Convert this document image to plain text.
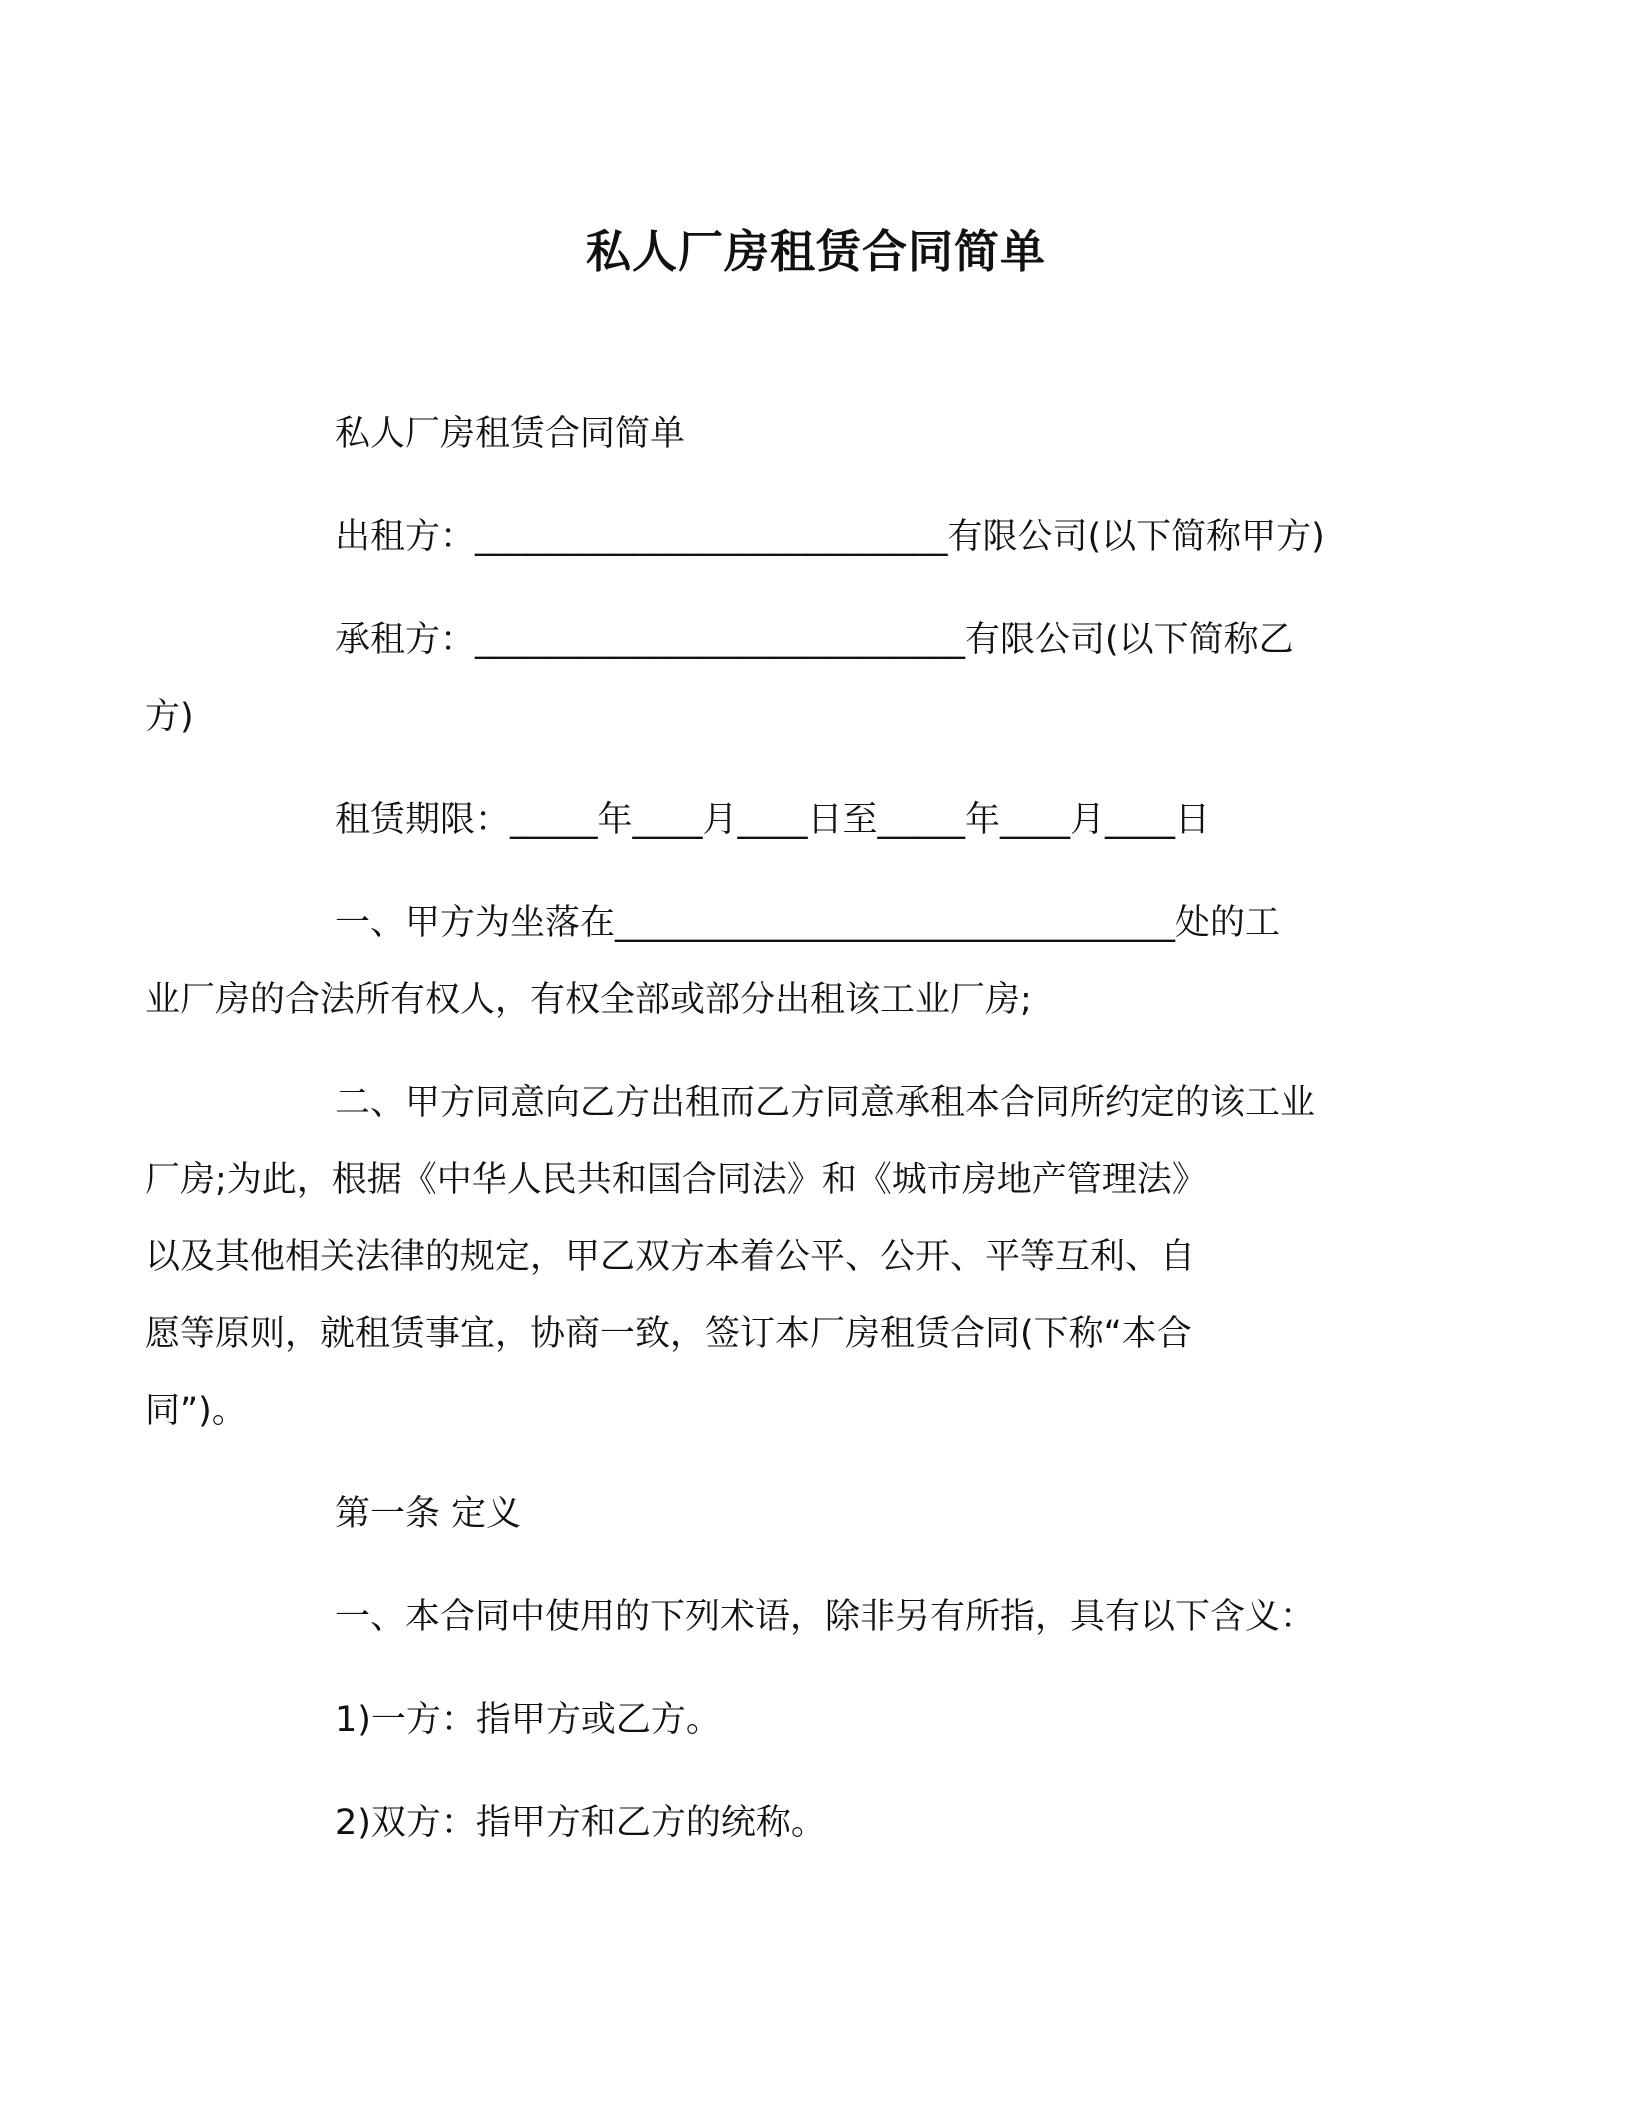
私人厂房租赁合同简单

私人厂房租赁合同简单

出租方：___________________________有限公司(以下简称甲方)

承租方：____________________________有限公司(以下简称乙
方)

租赁期限：_____年____月____日至_____年____月____日

一、甲方为坐落在________________________________处的工
业厂房的合法所有权人，有权全部或部分出租该工业厂房;

二、甲方同意向乙方出租而乙方同意承租本合同所约定的该工业
厂房;为此，根据《中华人民共和国合同法》和《城市房地产管理法》
以及其他相关法律的规定，甲乙双方本着公平、公开、平等互利、自
愿等原则，就租赁事宜，协商一致，签订本厂房租赁合同(下称“本合
同”)。

第一条 定义

一、本合同中使用的下列术语，除非另有所指，具有以下含义：

1)一方：指甲方或乙方。

2)双方：指甲方和乙方的统称。
